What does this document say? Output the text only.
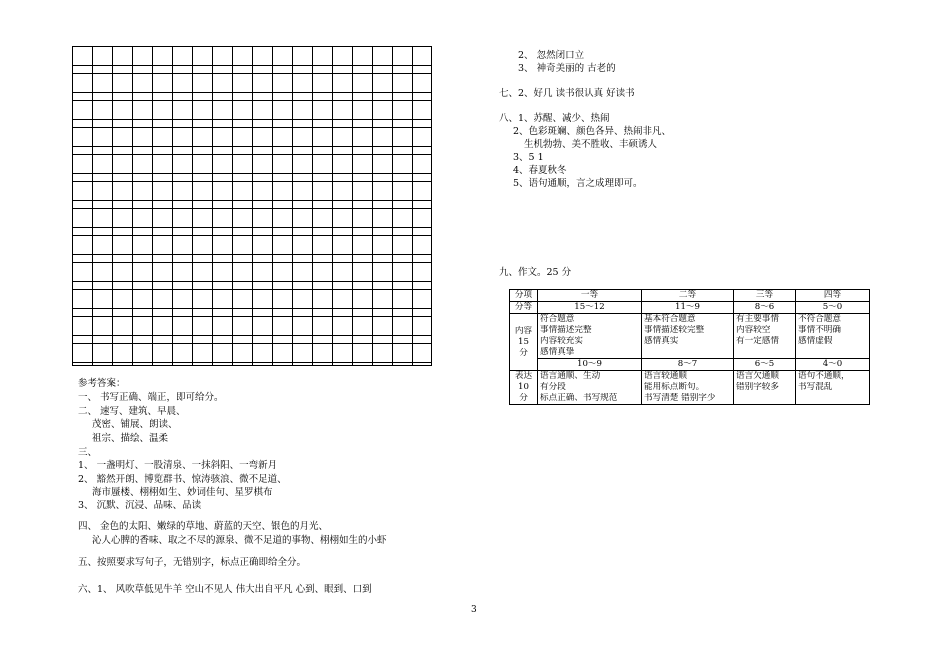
参考答案：
一、 书写正确、端正，即可给分。
二、 速写、建筑、早晨、
茂密、铺展、朗读、
祖宗、描绘、温柔
三、
1、 一盏明灯、一股清泉、一抹斜阳、一弯新月
2、 豁然开朗、博览群书、惊涛骇浪、微不足道、
海市蜃楼、栩栩如生、妙词佳句、星罗棋布
3、 沉默、沉浸、品味、品读
四、 金色的太阳、嫩绿的草地、蔚蓝的天空、银色的月光、
沁人心脾的香味、取之不尽的源泉、微不足道的事物、栩栩如生的小虾
五、按照要求写句子，无错别字，标点正确即给全分。
六、1、 风吹草低见牛羊 空山不见人 伟大出自平凡 心到、眼到、口到
2、 忽然闭口立
3、 神奇美丽的 古老的
七、2、好几 读书很认真 好读书
八、1、苏醒、减少、热闹
2、色彩斑斓、颜色各异、热闹非凡、
生机勃勃、美不胜收、丰硕诱人
3、5 1
4、春夏秋冬
5、语句通顺，言之成理即可。
九、作文。25 分
分项	一等	二等	三等	四等
分等	15～12	11～9	8～6	5～0

内容
15
分	符合题意
事情描述完整
内容较充实
感情真挚	基本符合题意
事情描述较完整
感情真实	有主要事情
内容较空
有一定感情	不符合题意
事情不明确
感情虚假

	10～9	8～7	6～5	4～0

表达
10
分	语言通顺、生动
有分段
标点正确、书写规范	语言较通顺
能用标点断句。
书写清楚 错别字少	语言欠通顺
错别字较多	语句不通顺，
书写混乱
3
